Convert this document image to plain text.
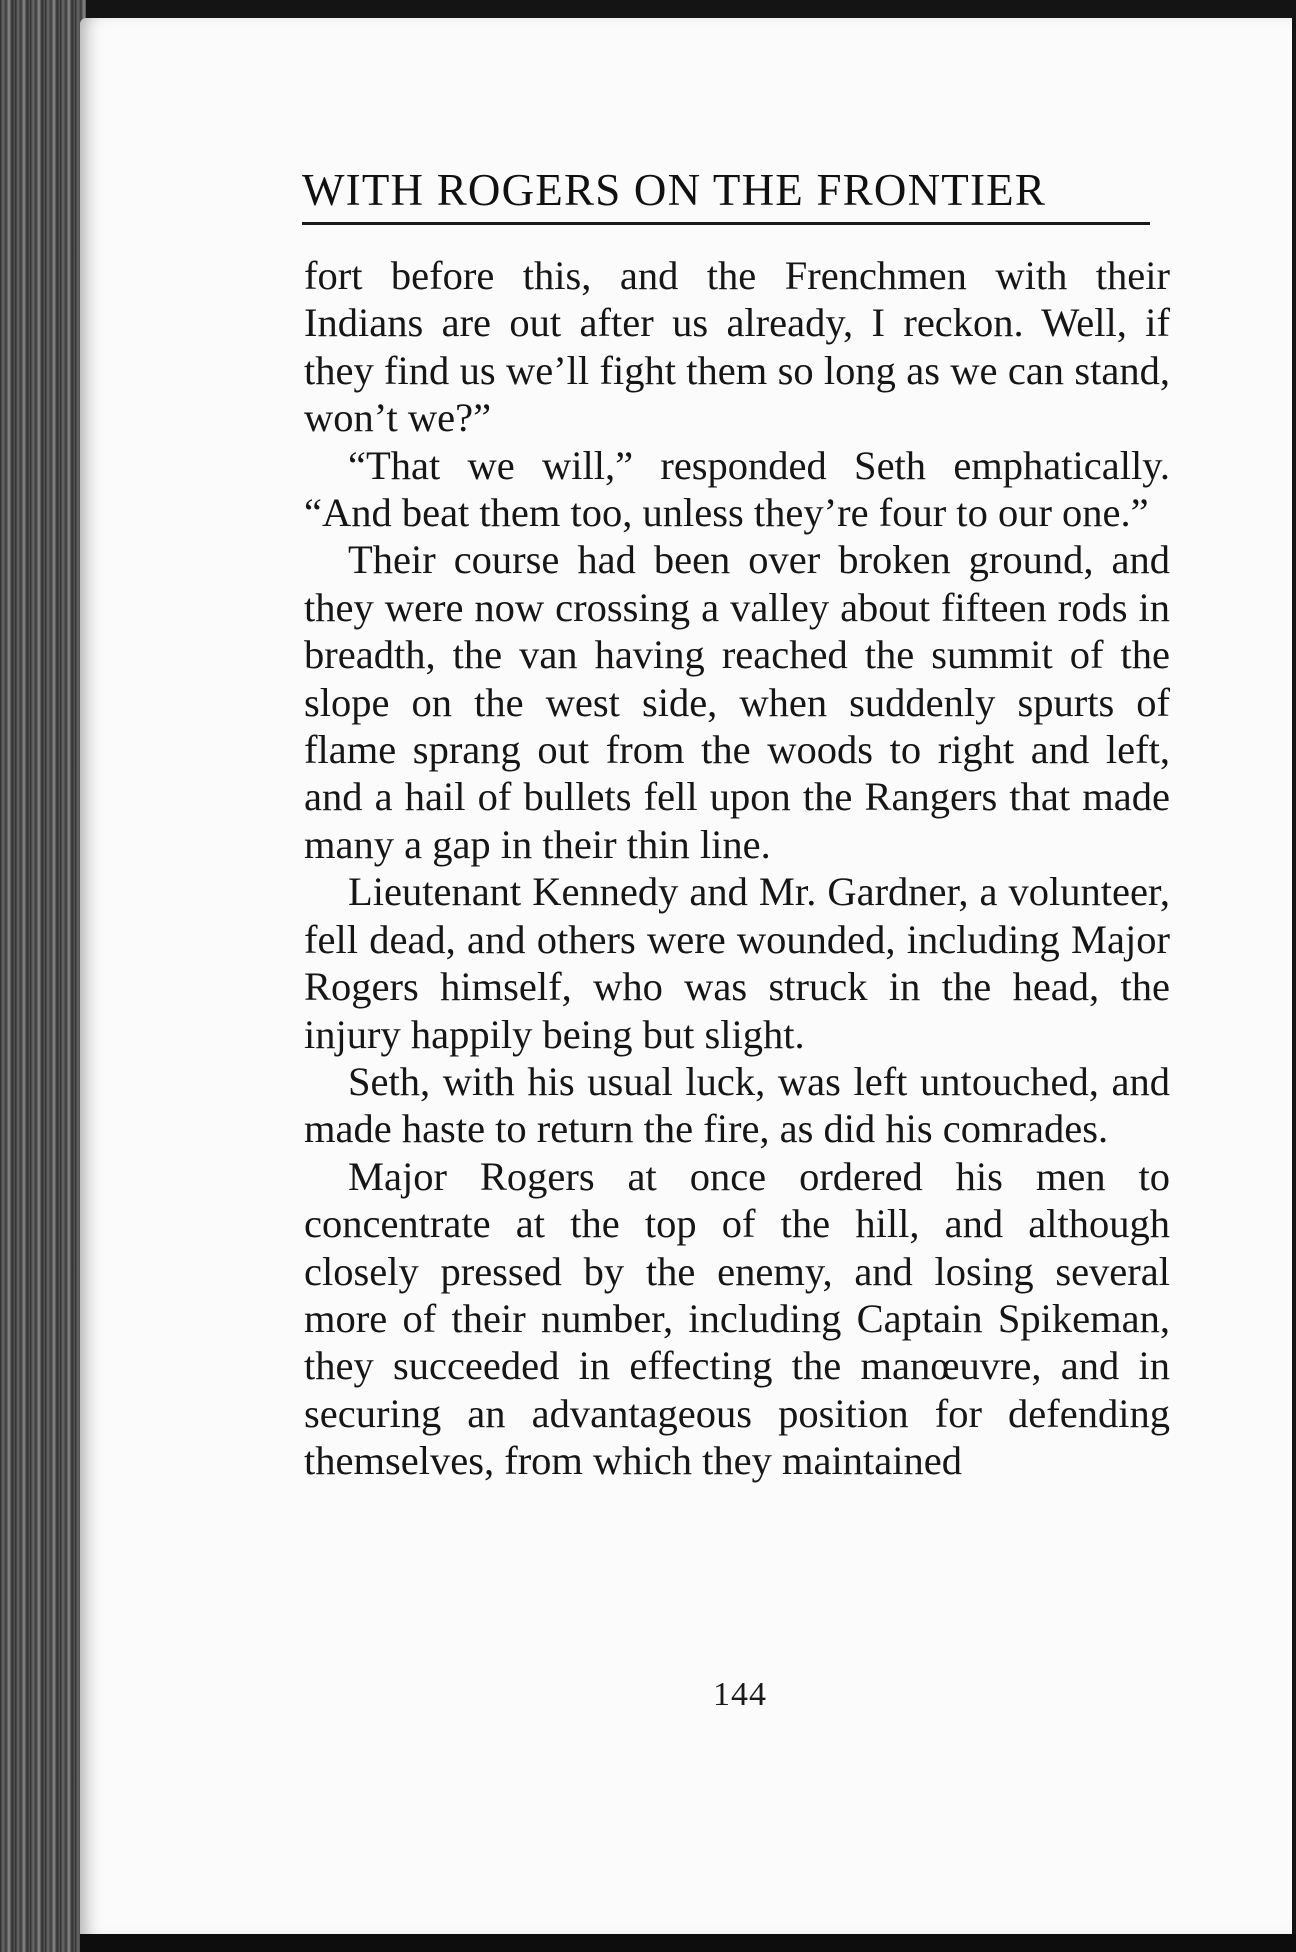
WITH ROGERS ON THE FRONTIER

fort before this, and the Frenchmen with their Indians are out after us already, I reckon. Well, if they find us we’ll fight them so long as we can stand, won’t we?”

“That we will,” responded Seth emphatically. “And beat them too, unless they’re four to our one.”

Their course had been over broken ground, and they were now crossing a valley about fifteen rods in breadth, the van having reached the summit of the slope on the west side, when suddenly spurts of flame sprang out from the woods to right and left, and a hail of bullets fell upon the Rangers that made many a gap in their thin line.

Lieutenant Kennedy and Mr. Gardner, a volunteer, fell dead, and others were wounded, including Major Rogers himself, who was struck in the head, the injury happily being but slight.

Seth, with his usual luck, was left untouched, and made haste to return the fire, as did his comrades.

Major Rogers at once ordered his men to concentrate at the top of the hill, and although closely pressed by the enemy, and losing several more of their number, including Captain Spikeman, they succeeded in effecting the manœuvre, and in securing an advantageous position for defending themselves, from which they maintained

144
